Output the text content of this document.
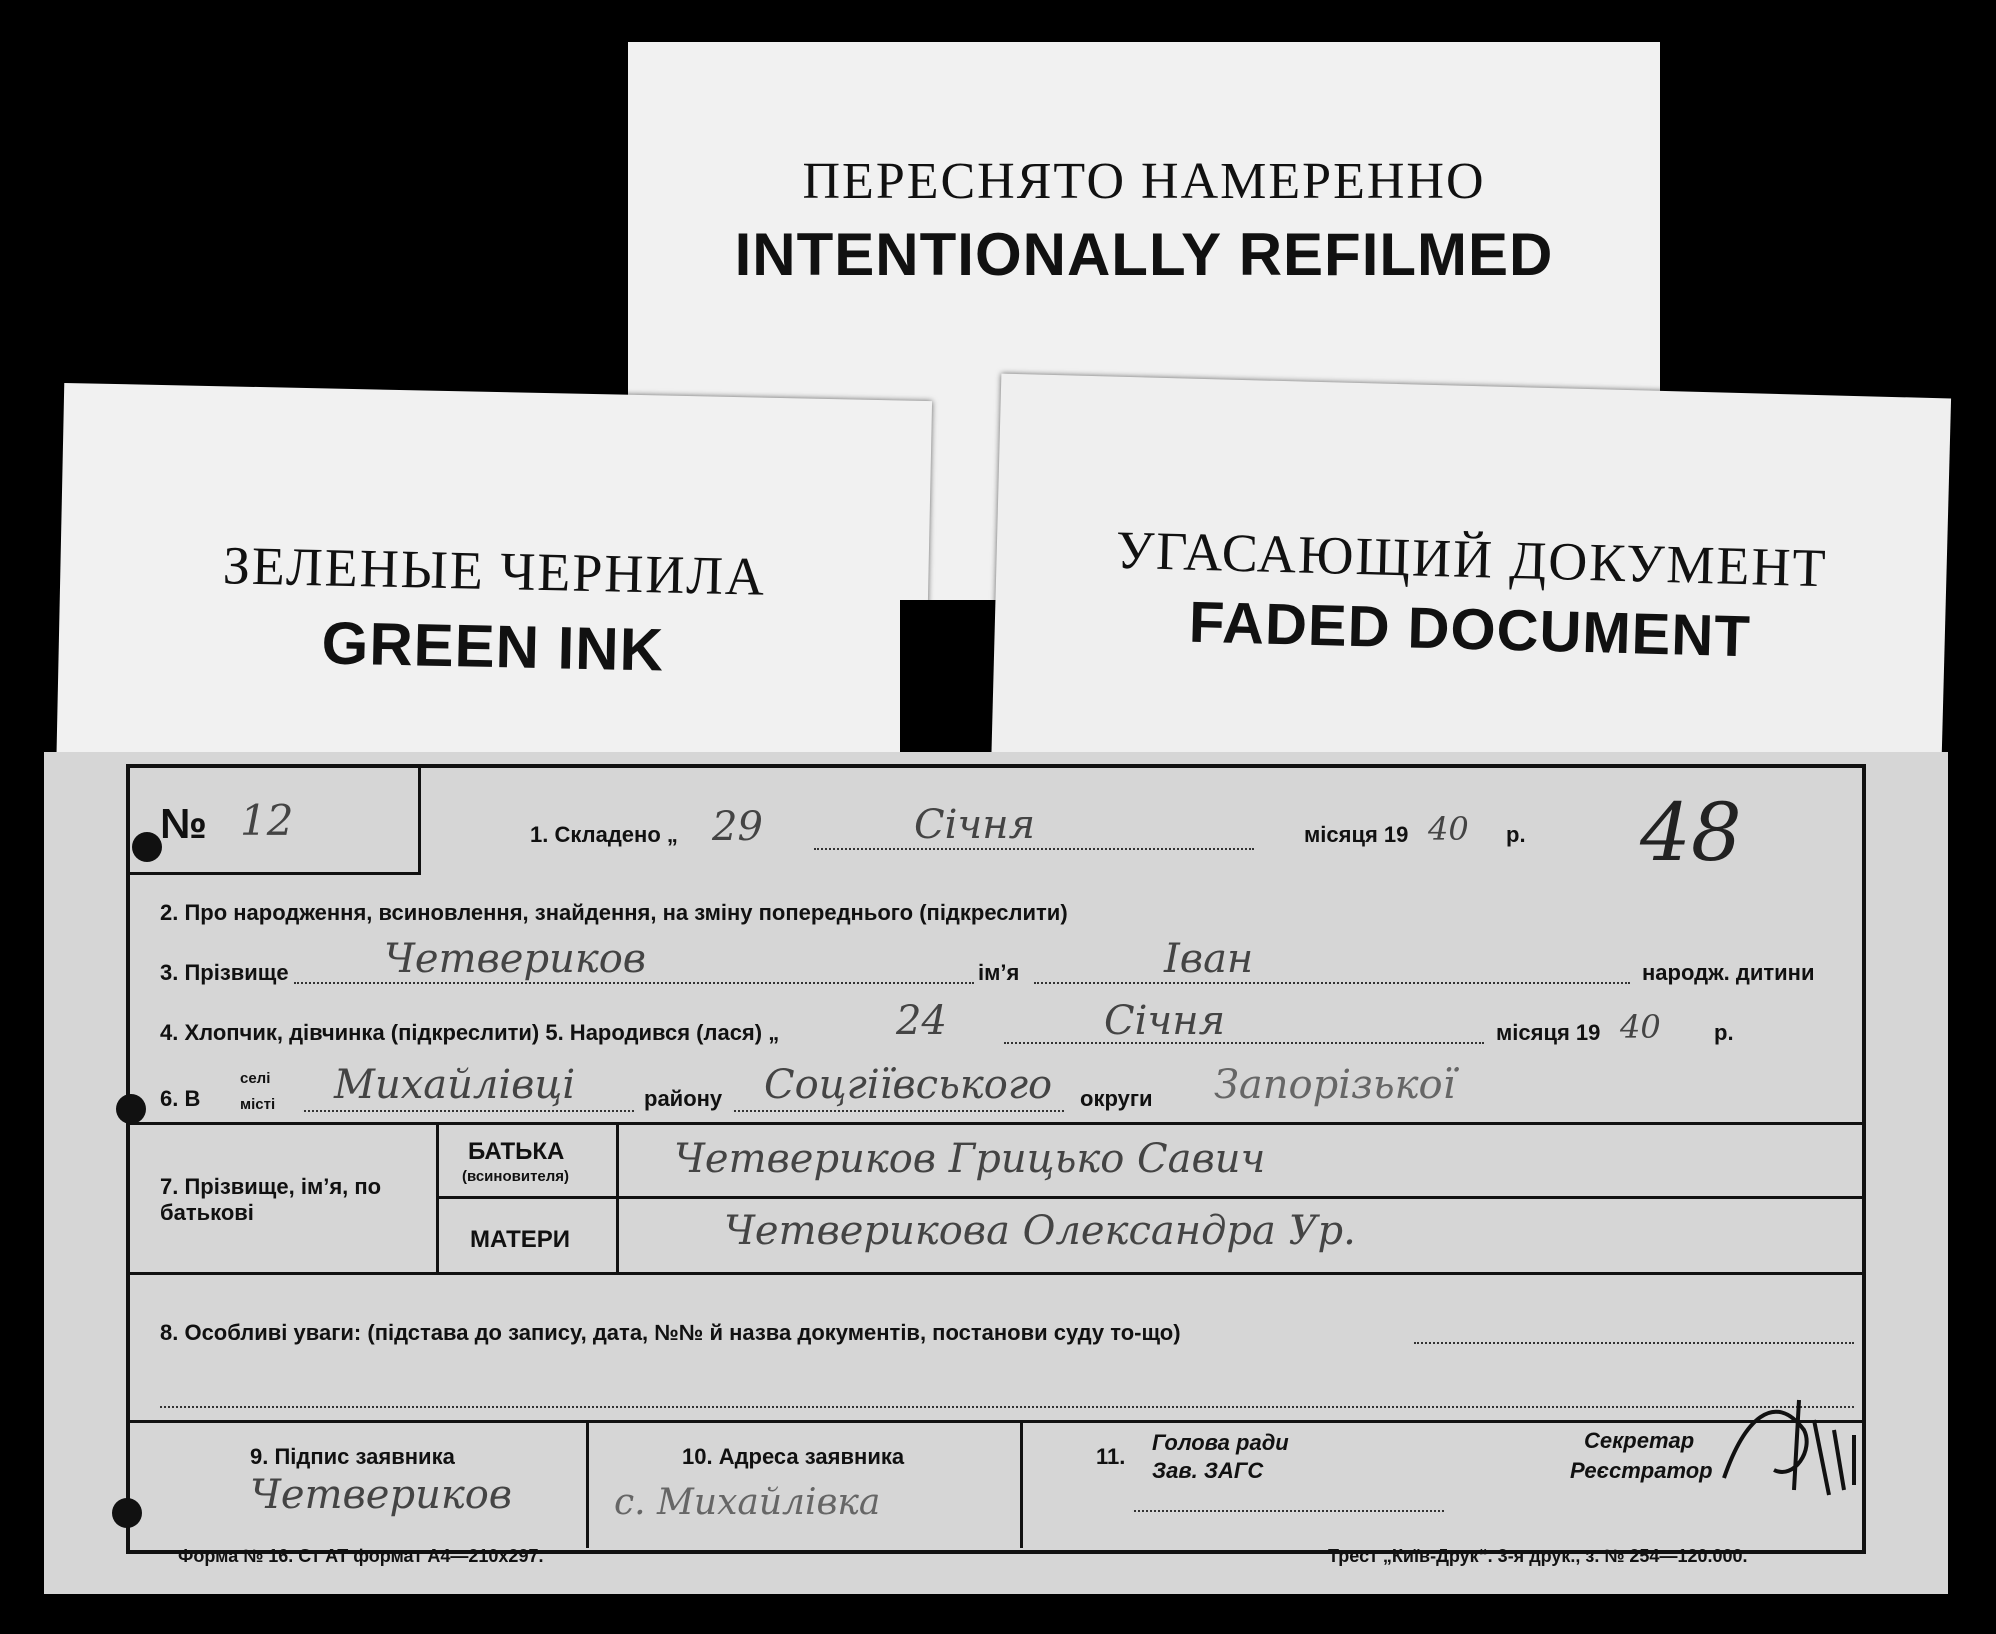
ПЕРЕСНЯТО НАМЕРЕННО
INTENTIONALLY REFILMED
ЗЕЛЕНЫЕ ЧЕРНИЛА
GREEN INK
УГАСАЮЩИЙ ДОКУМЕНТ
FADED DOCUMENT
№ 12	1. Складено „ 29	Січня	місяця 19 40 р. 48
2. Про народження, всиновлення, знайдення, на зміну попереднього (підкреслити)
3. Прізвище Четвериков	ім’я	Іван	народж. дитини
4. Хлопчик, дівчинка (підкреслити) 5. Народився (лася) „	24	Січня	місяця 19 40 р.
6. В
селі
місті Михайлівці	району Соцгіївського округи Запорізької
7. Прізвище, ім’я, по батькові
БАТЬКА
(всиновителя)	Четвериков Грицько Савич
МАТЕРИ	Четверикова Олександра Ур.
8. Особливі уваги: (підстава до запису, дата, №№ й назва документів, постанови суду то-що)
9. Підпис заявника
Четвериков
10. Адреса заявника
с. Михайлівка
11.
Голова ради
Зав. ЗАГС
Секретар
Реєстратор
Форма № 16. Ст АТ формат А4—210х297.	Трест „Київ-Друк“. 3-я друк., з. № 254—120.000.
